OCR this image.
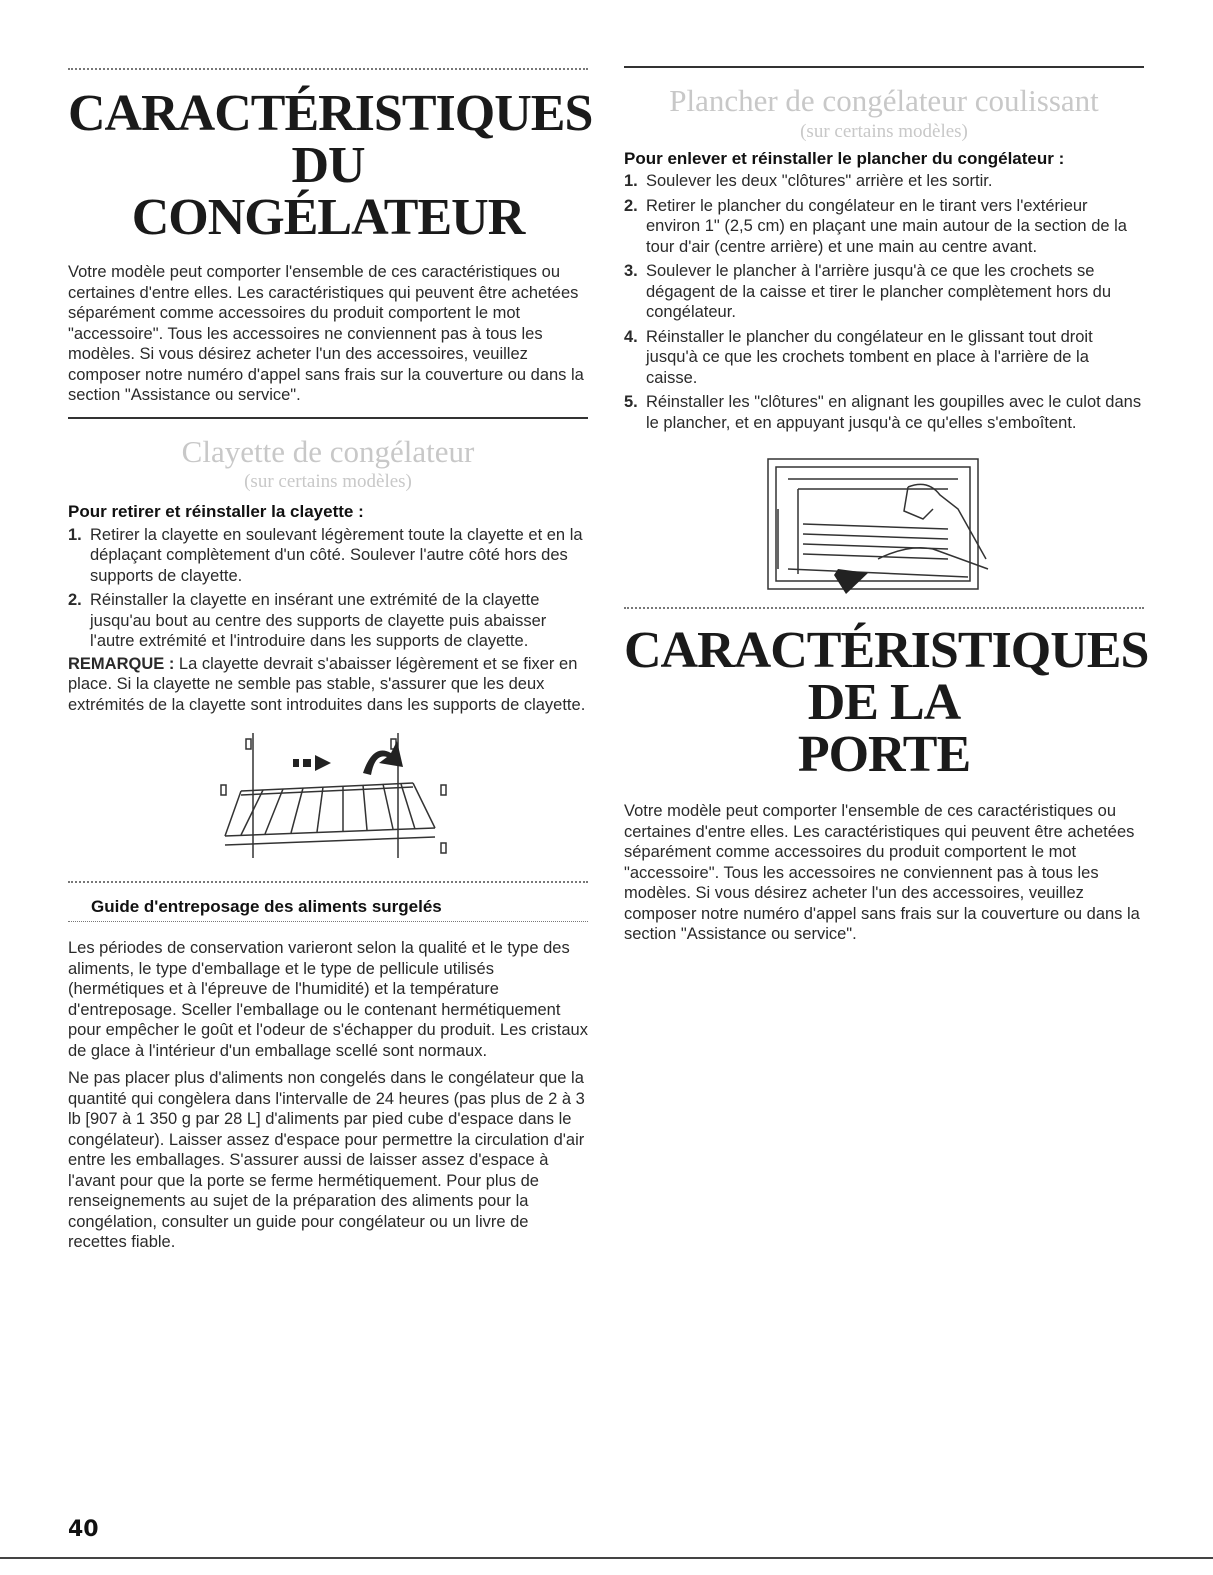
CARACTÉRISTIQUES DU
CONGÉLATEUR

Votre modèle peut comporter l'ensemble de ces caractéristiques ou certaines d'entre elles. Les caractéristiques qui peuvent être achetées séparément comme accessoires du produit comportent le mot "accessoire". Tous les accessoires ne conviennent pas à tous les modèles. Si vous désirez acheter l'un des accessoires, veuillez composer notre numéro d'appel sans frais sur la couverture ou dans la section "Assistance ou service".

Clayette de congélateur

(sur certains modèles)

Pour retirer et réinstaller la clayette :

1. Retirer la clayette en soulevant légèrement toute la clayette et en la déplaçant complètement d'un côté. Soulever l'autre côté hors des supports de clayette.
2. Réinstaller la clayette en insérant une extrémité de la clayette jusqu'au bout au centre des supports de clayette puis abaisser l'autre extrémité et l'introduire dans les supports de clayette.

REMARQUE : La clayette devrait s'abaisser légèrement et se fixer en place. Si la clayette ne semble pas stable, s'assurer que les deux extrémités de la clayette sont introduites dans les supports de clayette.

Guide d'entreposage des aliments surgelés

Les périodes de conservation varieront selon la qualité et le type des aliments, le type d'emballage et le type de pellicule utilisés (hermétiques et à l'épreuve de l'humidité) et la température d'entreposage. Sceller l'emballage ou le contenant hermétiquement pour empêcher le goût et l'odeur de s'échapper du produit. Les cristaux de glace à l'intérieur d'un emballage scellé sont normaux.

Ne pas placer plus d'aliments non congelés dans le congélateur que la quantité qui congèlera dans l'intervalle de 24 heures (pas plus de 2 à 3 lb [907 à 1 350 g par 28 L] d'aliments par pied cube d'espace dans le congélateur). Laisser assez d'espace pour permettre la circulation d'air entre les emballages. S'assurer aussi de laisser assez d'espace à l'avant pour que la porte se ferme hermétiquement. Pour plus de renseignements au sujet de la préparation des aliments pour la congélation, consulter un guide pour congélateur ou un livre de recettes fiable.

Plancher de congélateur coulissant

(sur certains modèles)

Pour enlever et réinstaller le plancher du congélateur :

1. Soulever les deux "clôtures" arrière et les sortir.
2. Retirer le plancher du congélateur en le tirant vers l'extérieur environ 1" (2,5 cm) en plaçant une main autour de la section de la tour d'air (centre arrière) et une main au centre avant.
3. Soulever le plancher à l'arrière jusqu'à ce que les crochets se dégagent de la caisse et tirer le plancher complètement hors du congélateur.
4. Réinstaller le plancher du congélateur en le glissant tout droit jusqu'à ce que les crochets tombent en place à l'arrière de la caisse.
5. Réinstaller les "clôtures" en alignant les goupilles avec le culot dans le plancher, et en appuyant jusqu'à ce qu'elles s'emboîtent.
CARACTÉRISTIQUES DE LA
PORTE

Votre modèle peut comporter l'ensemble de ces caractéristiques ou certaines d'entre elles. Les caractéristiques qui peuvent être achetées séparément comme accessoires du produit comportent le mot "accessoire". Tous les accessoires ne conviennent pas à tous les modèles. Si vous désirez acheter l'un des accessoires, veuillez composer notre numéro d'appel sans frais sur la couverture ou dans la section "Assistance ou service".

40
